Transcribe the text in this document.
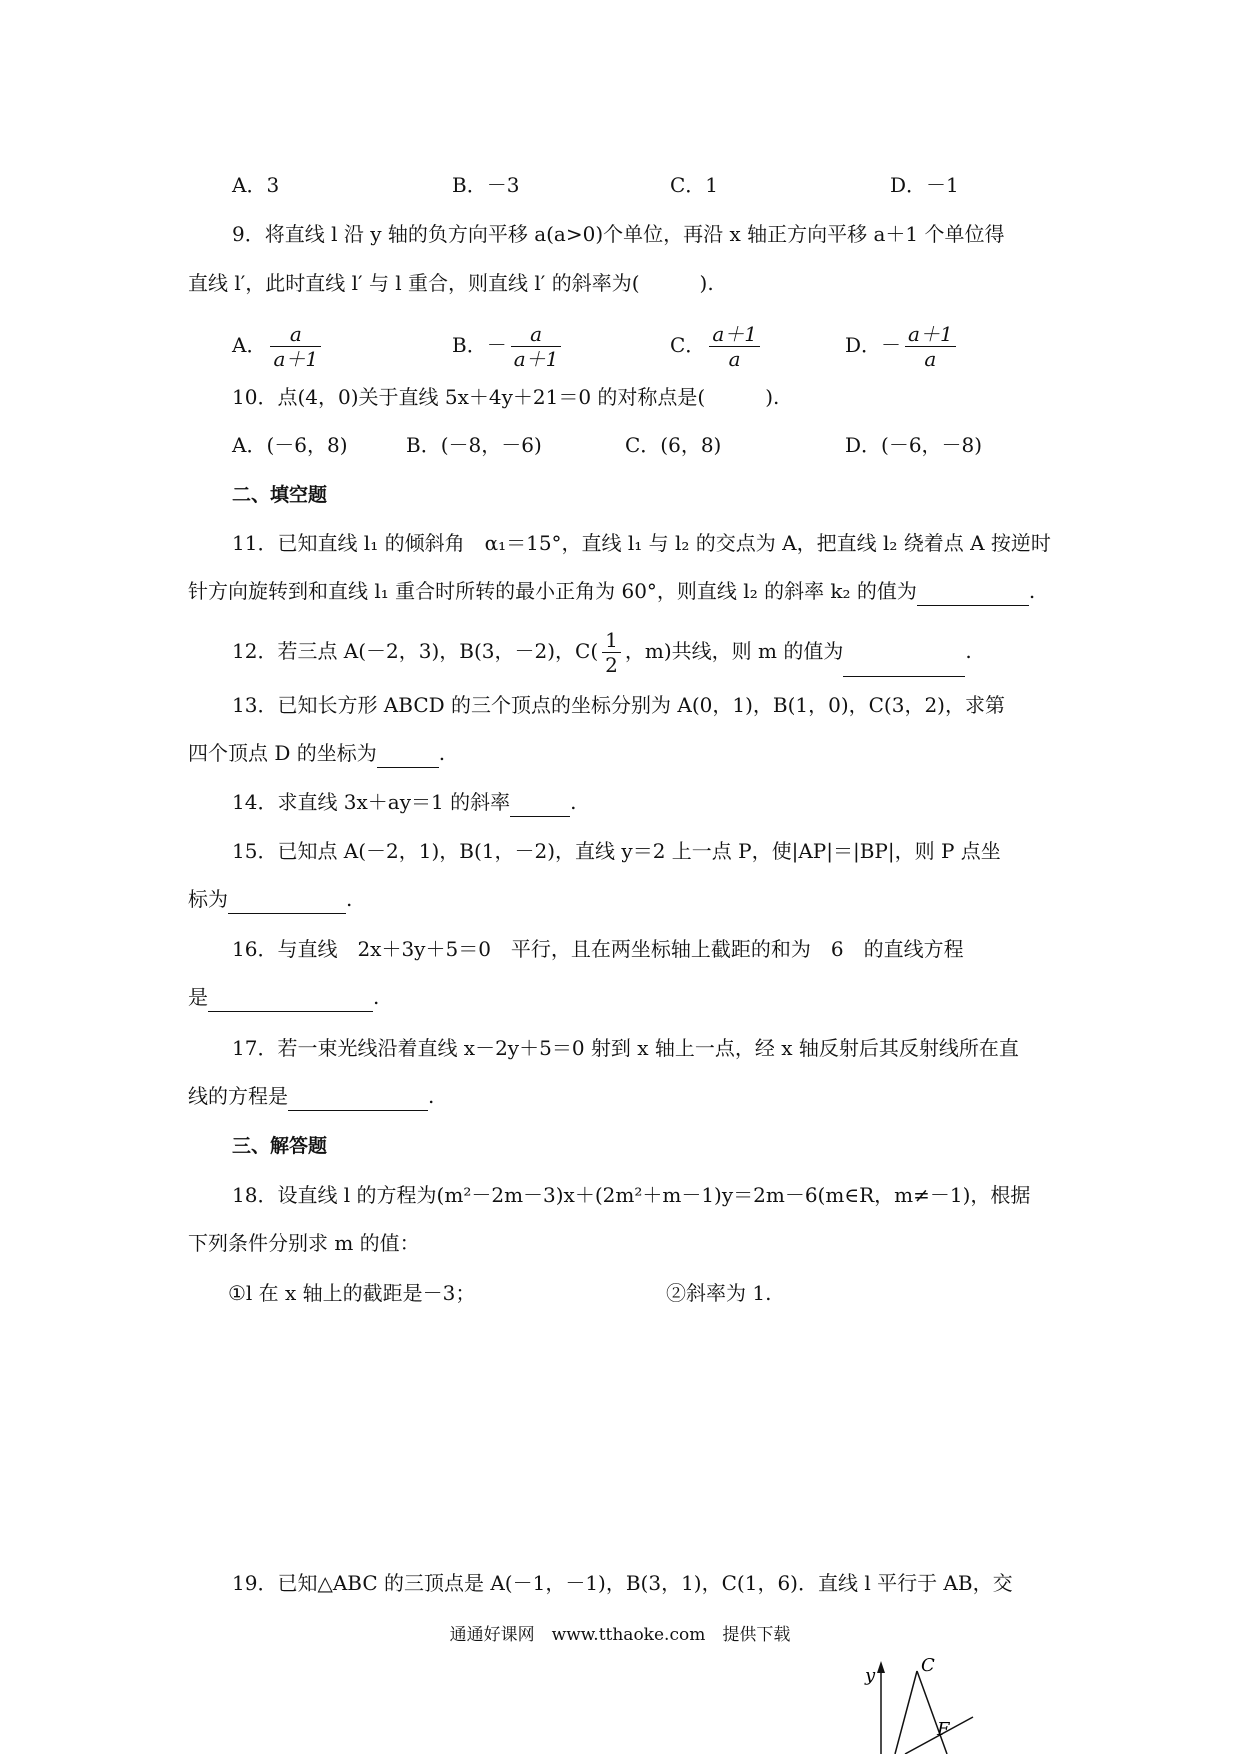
A．3	B．－3	C．1	D．－1
9．将直线 l 沿 y 轴的负方向平移 a(a>0)个单位，再沿 x 轴正方向平移 a＋1 个单位得
直线 l′，此时直线 l′ 与 l 重合，则直线 l′ 的斜率为(　　　).
A． $\frac{a}{a+1}$	B．－ $\frac{a}{a+1}$	C． $\frac{a+1}{a}$	D．－ $\frac{a+1}{a}$
10．点(4，0)关于直线 5x＋4y＋21＝0 的对称点是(　　　).
A．(－6，8)	B．(－8，－6)	C．(6，8)	D．(－6，－8)
二、填空题
11．已知直线 l₁ 的倾斜角　α₁＝15°，直线 l₁ 与 l₂ 的交点为 A，把直线 l₂ 绕着点 A 按逆时
针方向旋转到和直线 l₁ 重合时所转的最小正角为 60°，则直线 l₂ 的斜率 k₂ 的值为	.
12．若三点 A(－2，3)，B(3，－2)，$C( \frac{1}{2}$ ，m)共线，则 m 的值为	.
13．已知长方形 ABCD 的三个顶点的坐标分别为 A(0，1)，B(1，0)，C(3，2)，求第
四个顶点 D 的坐标为	.
14．求直线 3x＋ay＝1 的斜率	.
15．已知点 A(－2，1)，B(1，－2)，直线 y＝2 上一点 P，使|AP|＝|BP|，则 P 点坐
标为	.
16．与直线　2x＋3y＋5＝0　平行，且在两坐标轴上截距的和为　6　的直线方程
是	.
17．若一束光线沿着直线 x－2y＋5＝0 射到 x 轴上一点，经 x 轴反射后其反射线所在直
线的方程是	.
三、解答题
18．设直线 l 的方程为(m²－2m－3)x＋(2m²＋m－1)y＝2m－6(m∈R，m≠－1)，根据
下列条件分别求 m 的值：
①l 在 x 轴上的截距是－3；	②斜率为 1.
19．已知△ABC 的三顶点是 A(－1，－1)，B(3，1)，C(1，6)．直线 l 平行于 AB，交
通通好课网　www.tthaoke.com　提供下载
y	C
F
